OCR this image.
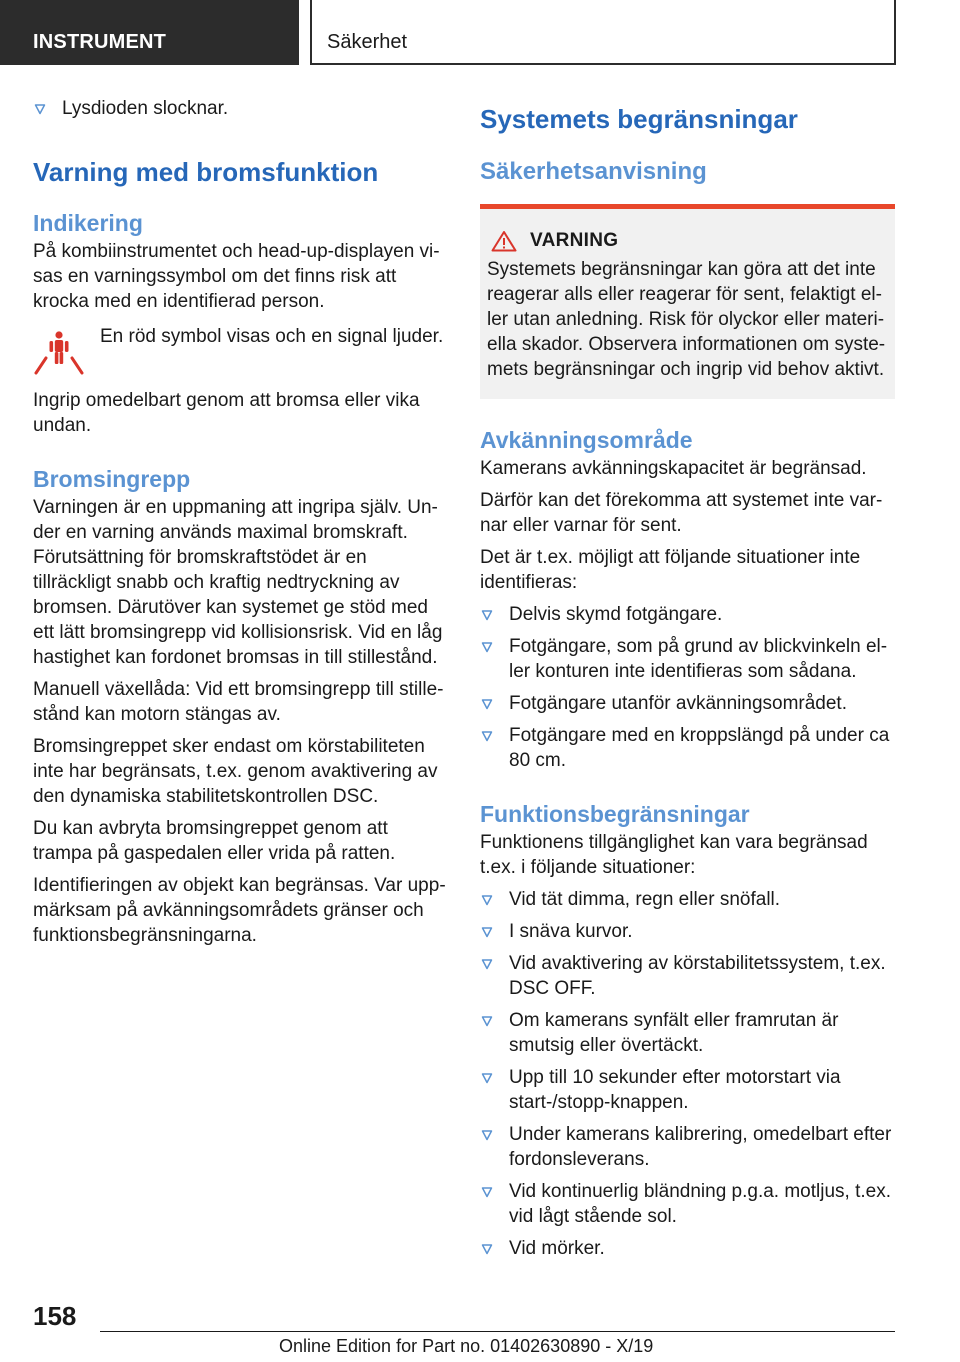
INSTRUMENT	Säkerhet
Lysdioden slocknar.
Varning med bromsfunktion
Indikering

På kombiinstrumentet och head-up-displayen visas en varningssymbol om det finns risk att krocka med en identifierad person.

En röd symbol visas och en signal ljuder.

Ingrip omedelbart genom att bromsa eller vika undan.

Bromsingrepp

Varningen är en uppmaning att ingripa själv. Under en varning används maximal bromskraft. Förutsättning för bromskraftstödet är en tillräckligt snabb och kraftig nedtryckning av bromsen. Därutöver kan systemet ge stöd med ett lätt bromsingrepp vid kollisionsrisk. Vid en låg hastighet kan fordonet bromsas in till stillestånd.

Manuell växellåda: Vid ett bromsingrepp till stillestånd kan motorn stängas av.

Bromsingreppet sker endast om körstabiliteten inte har begränsats, t.ex. genom avaktivering av den dynamiska stabilitetskontrollen DSC.

Du kan avbryta bromsingreppet genom att trampa på gaspedalen eller vrida på ratten.

Identifieringen av objekt kan begränsas. Var uppmärksam på avkänningsområdets gränser och funktionsbegränsningarna.

Systemets begränsningar
Säkerhetsanvisning
VARNING

Systemets begränsningar kan göra att det inte reagerar alls eller reagerar för sent, felaktigt eller utan anledning. Risk för olyckor eller materiella skador. Observera informationen om systemets begränsningar och ingrip vid behov aktivt.

Avkänningsområde

Kamerans avkänningskapacitet är begränsad.

Därför kan det förekomma att systemet inte varnar eller varnar för sent.

Det är t.ex. möjligt att följande situationer inte identifieras:

Delvis skymd fotgängare.
Fotgängare, som på grund av blickvinkeln eller konturen inte identifieras som sådana.
Fotgängare utanför avkänningsområdet.
Fotgängare med en kroppslängd på under ca 80 cm.
Funktionsbegränsningar

Funktionens tillgänglighet kan vara begränsad t.ex. i följande situationer:

Vid tät dimma, regn eller snöfall.
I snäva kurvor.
Vid avaktivering av körstabilitetssystem, t.ex. DSC OFF.
Om kamerans synfält eller framrutan är smutsig eller övertäckt.
Upp till 10 sekunder efter motorstart via start-/stopp-knappen.
Under kamerans kalibrering, omedelbart efter fordonsleverans.
Vid kontinuerlig bländning p.g.a. motljus, t.ex. vid lågt stående sol.
Vid mörker.
158
Online Edition for Part no. 01402630890 - X/19
